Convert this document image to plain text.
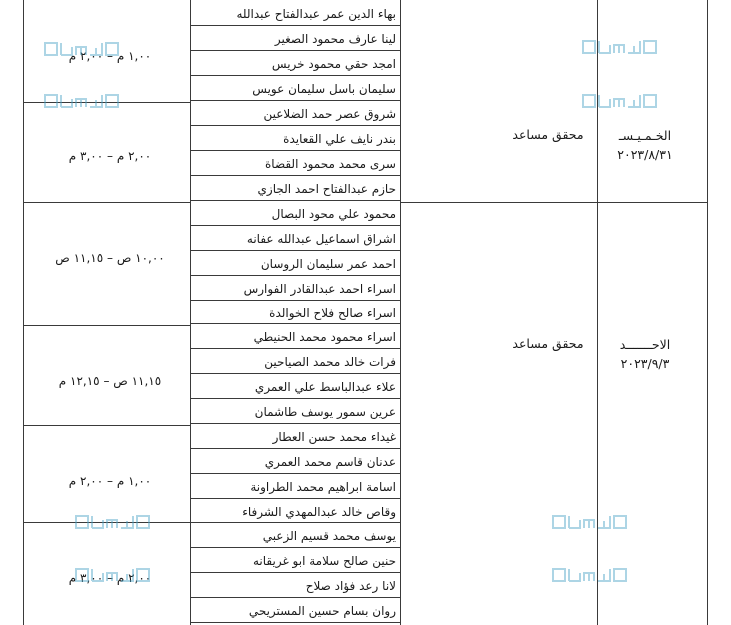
بهاء الدين عمر عبدالفتاح عبدالله
لينا عارف محمود الصغير
امجد حقي محمود خريس
سليمان باسل سليمان عويس
شروق عصر حمد الضلاعين
بندر نايف علي القعايدة
سرى محمد محمود القضاة
حازم عبدالفتاح احمد الجازي
محمود علي محود البصال
اشراق اسماعيل عبدالله عفانه
احمد عمر سليمان الروسان
اسراء احمد عبدالقادر الفوارس
اسراء صالح فلاح الخوالدة
اسراء محمود محمد الحنيطي
فرات خالد محمد الصياحين
علاء عبدالباسط علي العمري
عرين سمور يوسف طاشمان
غيداء محمد حسن العطار
عدنان قاسم محمد العمري
اسامة ابراهيم محمد الطراونة
وقاص خالد عبدالمهدي الشرفاء
يوسف محمد قسيم الزعبي
حنين صالح سلامة ابو غريقانه
لانا رعد فؤاد صلاح
روان بسام حسين المستريحي
١,٠٠ م – ٢,٠٠ م
٢,٠٠ م – ٣,٠٠ م
١٠,٠٠ ص – ١١,١٥ ص
١١,١٥ ص – ١٢,١٥ م
١,٠٠ م – ٢,٠٠ م
٢,٠٠ م – ٣,٠٠ م
محقق مساعد	الخـمـيـسـ
٢٠٢٣/٨/٣١
محقق مساعد	الاحـــــــد
٢٠٢٣/٩/٣
